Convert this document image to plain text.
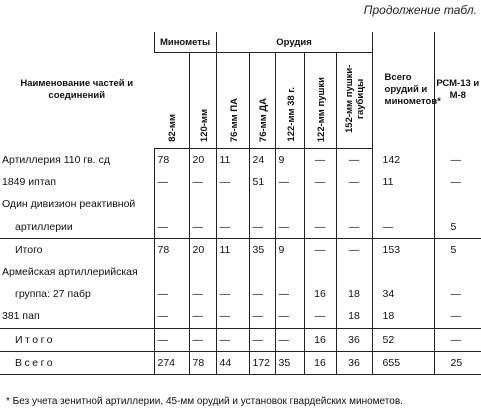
Продолжение табл.
Наименование частей и соединений	Минометы		Орудия					Всего орудий и минометов*	РСМ-13 и М-8
	82-мм	120-мм	76-мм ПА	76-мм ДА	122-мм 38 г.	122-мм пушки	152-мм пушки-гаубицы		
Артиллерия 110 гв. сд	78	20	11	24	9	—	—	142	—
1849 иптап	—	—	—	51	—	—	—	11	—
Один дивизион реактивной									
артиллерии	—	—	—	—	—	—	—	—	5
Итого	78	20	11	35	9	—	—	153	5
Армейская артиллерийская									
группа: 27 пабр	—	—	—	—	—	16	18	34	—
381 пап	—	—	—	—	—	—	18	18	—
Итого	—	—	—	—	—	16	36	52	—
Всего	274	78	44	172	35	16	36	655	25
* Без учета зенитной артиллерии, 45-мм орудий и установок гвардейских минометов.
